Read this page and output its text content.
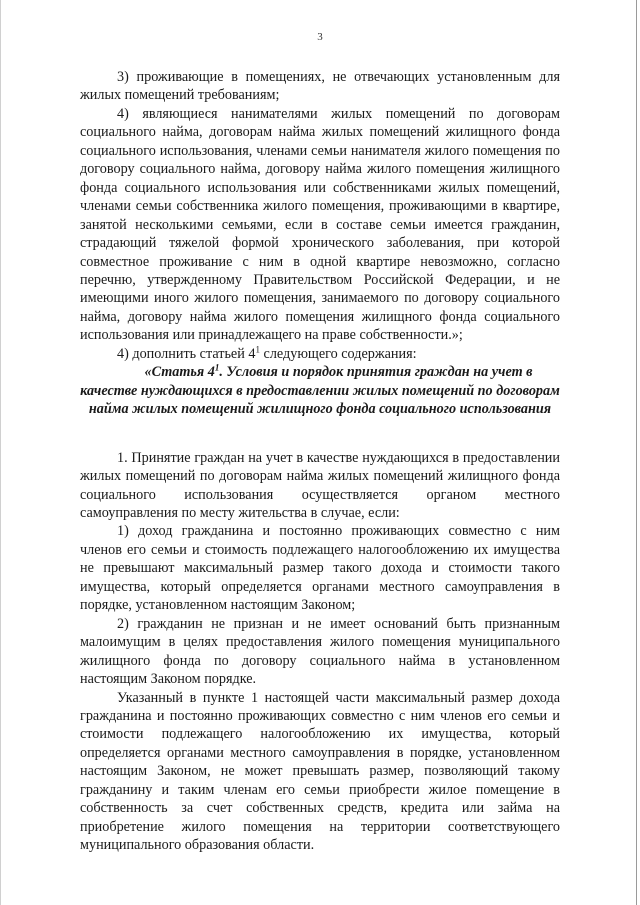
3

3) проживающие в помещениях, не отвечающих установленным для жилых помещений требованиям;

4) являющиеся нанимателями жилых помещений по договорам социального найма, договорам найма жилых помещений жилищного фонда социального использования, членами семьи нанимателя жилого помещения по договору социального найма, договору найма жилого помещения жилищного фонда социального использования или собственниками жилых помещений, членами семьи собственника жилого помещения, проживающими в квартире, занятой несколькими семьями, если в составе семьи имеется гражданин, страдающий тяжелой формой хронического заболевания, при которой совместное проживание с ним в одной квартире невозможно, согласно перечню, утвержденному Правительством Российской Федерации, и не имеющими иного жилого помещения, занимаемого по договору социального найма, договору найма жилого помещения жилищного фонда социального использования или принадлежащего на праве собственности.»;

4) дополнить статьей $4^1$ следующего содержания:

«Статья $4^1$. Условия и порядок принятия граждан на учет в качестве нуждающихся в предоставлении жилых помещений по договорам найма жилых помещений жилищного фонда социального использования

1. Принятие граждан на учет в качестве нуждающихся в предоставлении жилых помещений по договорам найма жилых помещений жилищного фонда социального использования осуществляется органом местного самоуправления по месту жительства в случае, если:

1) доход гражданина и постоянно проживающих совместно с ним членов его семьи и стоимость подлежащего налогообложению их имущества не превышают максимальный размер такого дохода и стоимости такого имущества, который определяется органами местного самоуправления в порядке, установленном настоящим Законом;

2) гражданин не признан и не имеет оснований быть признанным малоимущим в целях предоставления жилого помещения муниципального жилищного фонда по договору социального найма в установленном настоящим Законом порядке.

Указанный в пункте 1 настоящей части максимальный размер дохода гражданина и постоянно проживающих совместно с ним членов его семьи и стоимости подлежащего налогообложению их имущества, который определяется органами местного самоуправления в порядке, установленном настоящим Законом, не может превышать размер, позволяющий такому гражданину и таким членам его семьи приобрести жилое помещение в собственность за счет собственных средств, кредита или займа на приобретение жилого помещения на территории соответствующего муниципального образования области.
